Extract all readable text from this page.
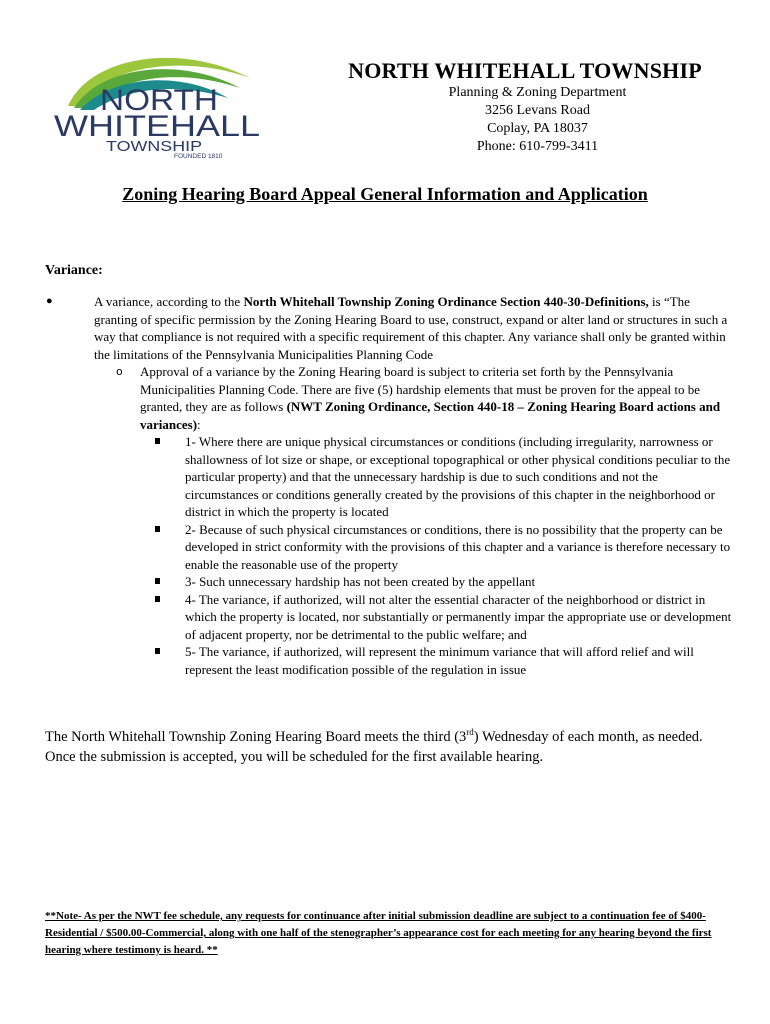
NORTH
WHITEHALL
TOWNSHIP
FOUNDED 1810
NORTH WHITEHALL TOWNSHIP
Planning & Zoning Department
3256 Levans Road
Coplay, PA 18037
Phone: 610-799-3411
Zoning Hearing Board Appeal General Information and Application
Variance:
●	A variance, according to the North Whitehall Township Zoning Ordinance Section 440-30-Definitions, is “The granting of specific permission by the Zoning Hearing Board to use, construct, expand or alter land or structures in such a way that compliance is not required with a specific requirement of this chapter. Any variance shall only be granted within the limitations of the Pennsylvania Municipalities Planning Code
o Approval of a variance by the Zoning Hearing board is subject to criteria set forth by the Pennsylvania Municipalities Planning Code. There are five (5) hardship elements that must be proven for the appeal to be granted, they are as follows (NWT Zoning Ordinance, Section 440-18 – Zoning Hearing Board actions and variances):
1- Where there are unique physical circumstances or conditions (including irregularity, narrowness or shallowness of lot size or shape, or exceptional topographical or other physical conditions peculiar to the particular property) and that the unnecessary hardship is due to such conditions and not the circumstances or conditions generally created by the provisions of this chapter in the neighborhood or district in which the property is located
2- Because of such physical circumstances or conditions, there is no possibility that the property can be developed in strict conformity with the provisions of this chapter and a variance is therefore necessary to enable the reasonable use of the property
3- Such unnecessary hardship has not been created by the appellant
4- The variance, if authorized, will not alter the essential character of the neighborhood or district in which the property is located, nor substantially or permanently impar the appropriate use or development of adjacent property, nor be detrimental to the public welfare; and
5- The variance, if authorized, will represent the minimum variance that will afford relief and will represent the least modification possible of the regulation in issue
The North Whitehall Township Zoning Hearing Board meets the third (3rd) Wednesday of each month, as needed. Once the submission is accepted, you will be scheduled for the first available hearing.
**Note- As per the NWT fee schedule, any requests for continuance after initial submission deadline are subject to a continuation fee of $400-Residential / $500.00-Commercial, along with one half of the stenographer’s appearance cost for each meeting for any hearing beyond the first hearing where testimony is heard. **
